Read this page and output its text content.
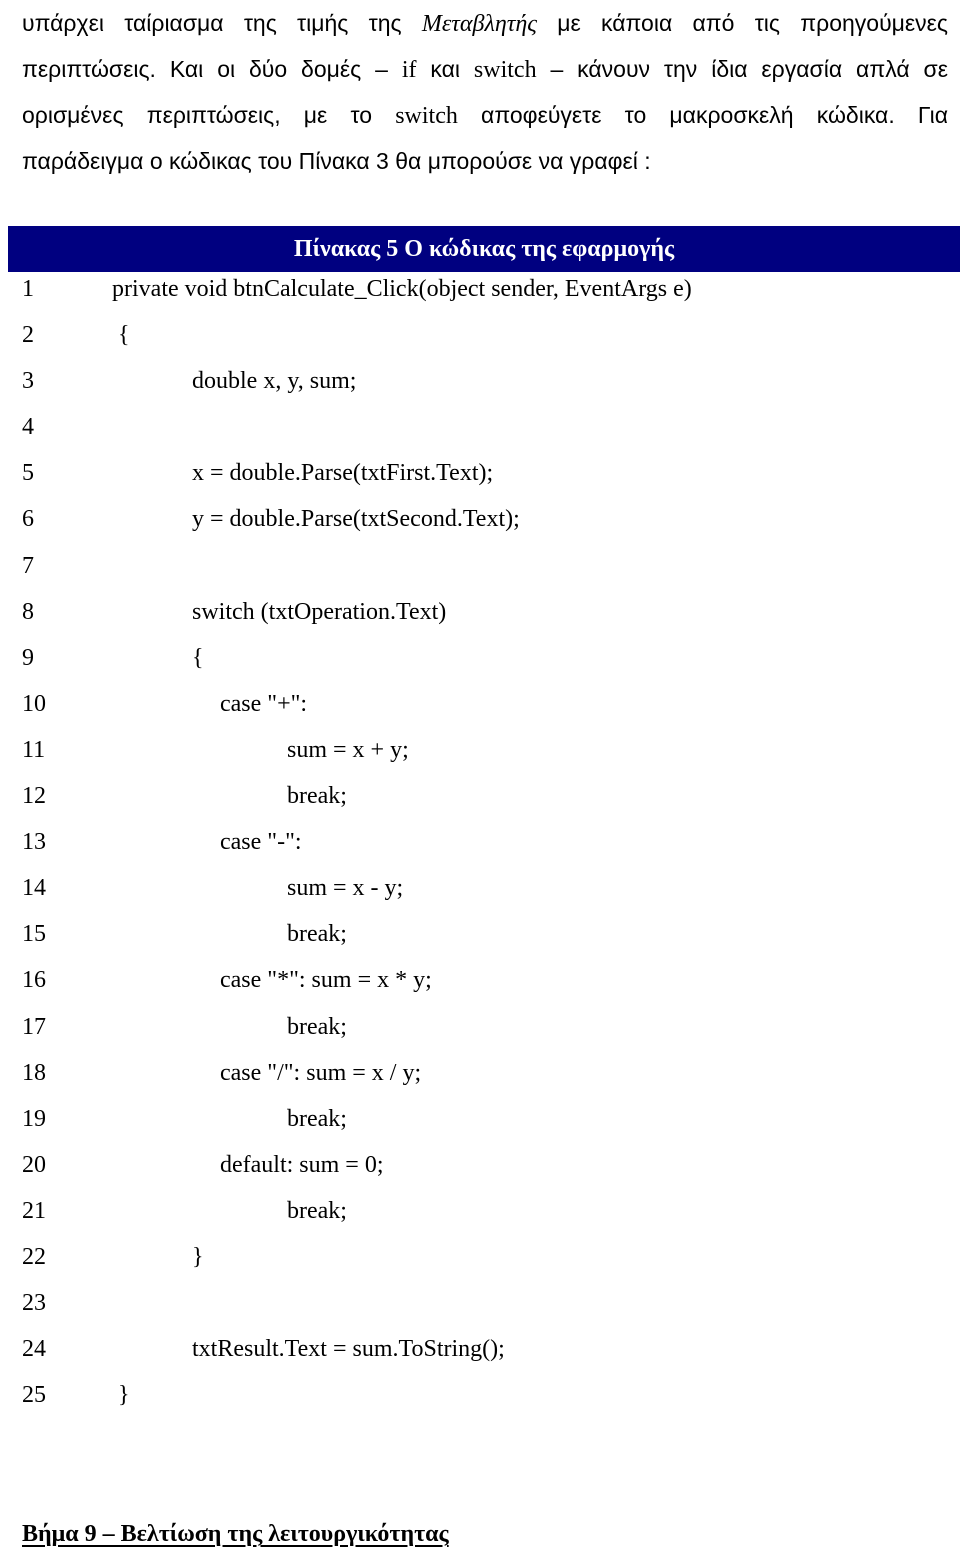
υπάρχει ταίριασμα της τιμής της Μεταβλητής με κάποια από τις προηγούμενες
περιπτώσεις. Και οι δύο δομές – if και switch – κάνουν την ίδια εργασία απλά σε
ορισμένες περιπτώσεις, με το switch αποφεύγετε το μακροσκελή κώδικα. Για
παράδειγμα ο κώδικας του Πίνακα 3 θα μπορούσε να γραφεί :
Πίνακας 5 Ο κώδικας της εφαρμογής
1	private void btnCalculate_Click(object sender, EventArgs e)
2	{
3	double x, y, sum;
4
5	x = double.Parse(txtFirst.Text);
6	y = double.Parse(txtSecond.Text);
7
8	switch (txtOperation.Text)
9	{
10	case "+":
11	sum = x + y;
12	break;
13	case "-":
14	sum = x - y;
15	break;
16	case "*": sum = x * y;
17	break;
18	case "/": sum = x / y;
19	break;
20	default: sum = 0;
21	break;
22	}
23
24	txtResult.Text = sum.ToString();
25	}
Βήμα 9 – Βελτίωση της λειτουργικότητας
